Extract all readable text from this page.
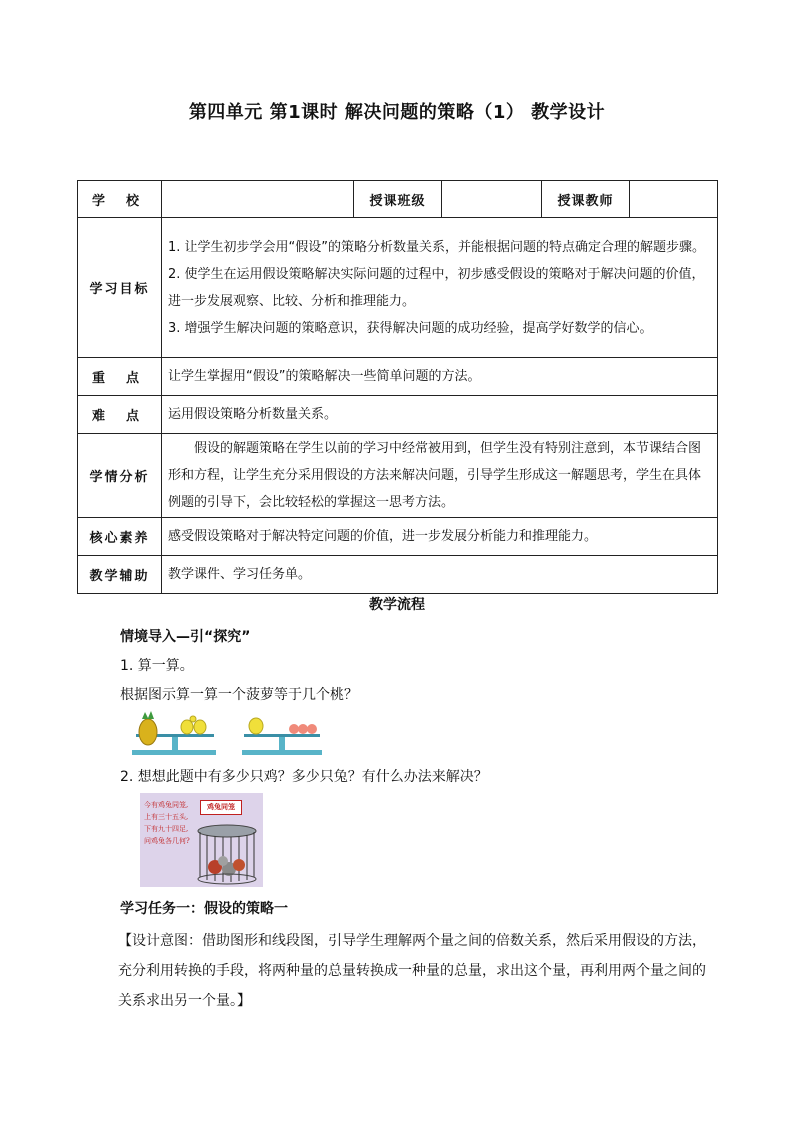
第四单元 第1课时 解决问题的策略（1） 教学设计
学校		授课班级		授课教师	
学习目标	1. 让学生初步学会用“假设”的策略分析数量关系，并能根据问题的特点确定合理的解题步骤。

2. 使学生在运用假设策略解决实际问题的过程中，初步感受假设的策略对于解决问题的价值，进一步发展观察、比较、分析和推理能力。

3. 增强学生解决问题的策略意识，获得解决问题的成功经验，提高学好数学的信心。				

重点	让学生掌握用“假设”的策略解决一些简单问题的方法。				
难点	运用假设策略分析数量关系。				
学情分析	假设的解题策略在学生以前的学习中经常被用到，但学生没有特别注意到，本节课结合图形和方程，让学生充分采用假设的方法来解决问题，引导学生形成这一解题思考，学生在具体例题的引导下，会比较轻松的掌握这一思考方法。				
核心素养	感受假设策略对于解决特定问题的价值，进一步发展分析能力和推理能力。				
教学辅助	教学课件、学习任务单。				
教学流程
情境导入—引“探究”
1. 算一算。
根据图示算一算一个菠萝等于几个桃？
2. 想想此题中有多少只鸡？多少只兔？有什么办法来解决？
今有鸡兔同笼,
上有三十五头,
下有九十四足,
问鸡兔各几何?
鸡兔同笼
学习任务一：假设的策略一
【设计意图：借助图形和线段图，引导学生理解两个量之间的倍数关系，然后采用假设的方法，充分利用转换的手段，将两种量的总量转换成一种量的总量，求出这个量，再利用两个量之间的关系求出另一个量。】
